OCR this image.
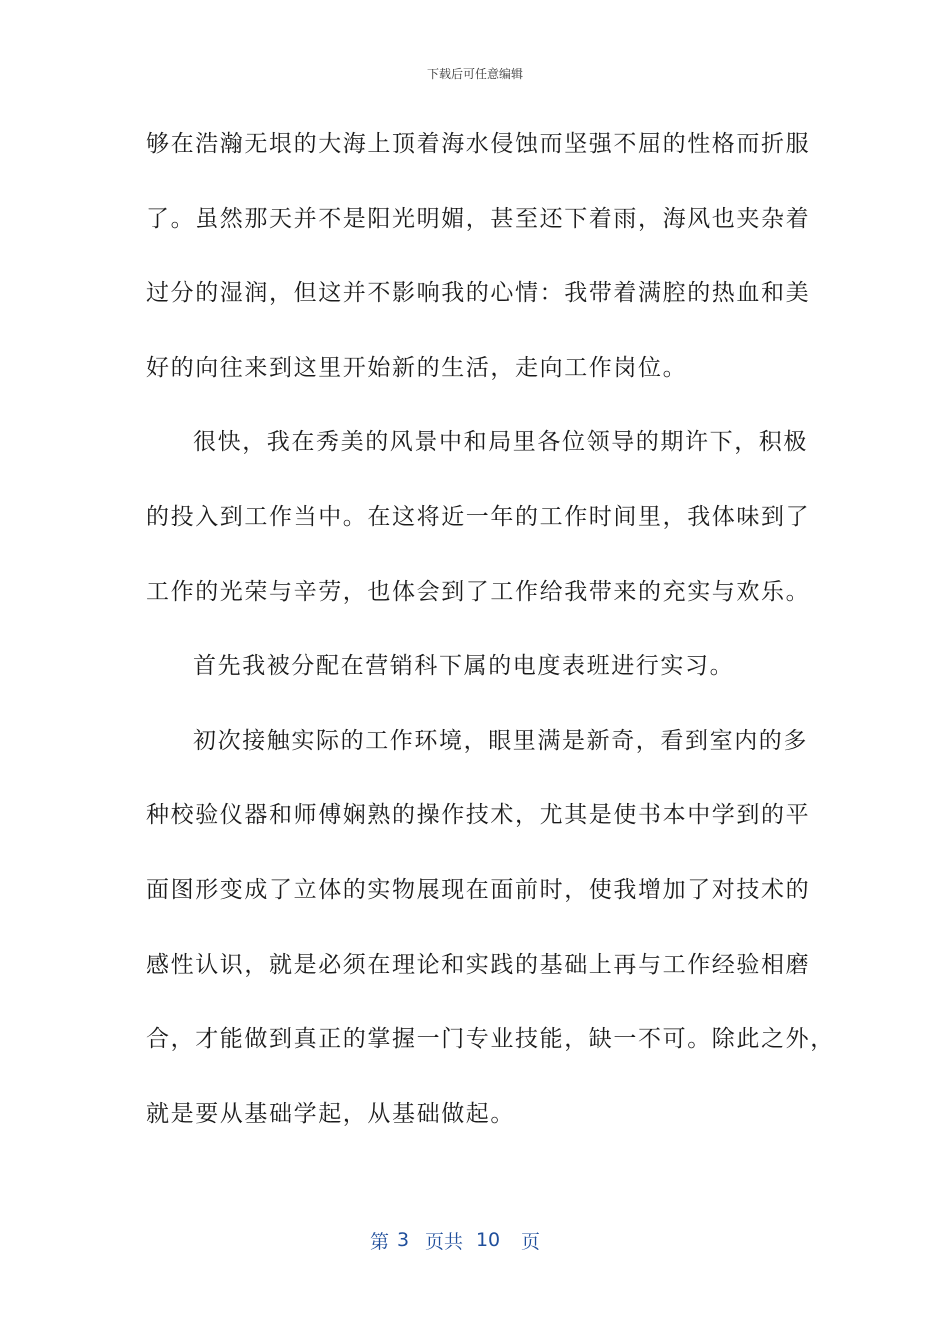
下载后可任意编辑
够在浩瀚无垠的大海上顶着海水侵蚀而坚强不屈的性格而折服
了。虽然那天并不是阳光明媚，甚至还下着雨，海风也夹杂着
过分的湿润，但这并不影响我的心情：我带着满腔的热血和美
好的向往来到这里开始新的生活，走向工作岗位。
很快，我在秀美的风景中和局里各位领导的期许下，积极
的投入到工作当中。在这将近一年的工作时间里，我体味到了
工作的光荣与辛劳，也体会到了工作给我带来的充实与欢乐。
首先我被分配在营销科下属的电度表班进行实习。
初次接触实际的工作环境，眼里满是新奇，看到室内的多
种校验仪器和师傅娴熟的操作技术，尤其是使书本中学到的平
面图形变成了立体的实物展现在面前时，使我增加了对技术的
感性认识，就是必须在理论和实践的基础上再与工作经验相磨
合，才能做到真正的掌握一门专业技能，缺一不可。除此之外，
就是要从基础学起，从基础做起。
第 3 页共 10	页
